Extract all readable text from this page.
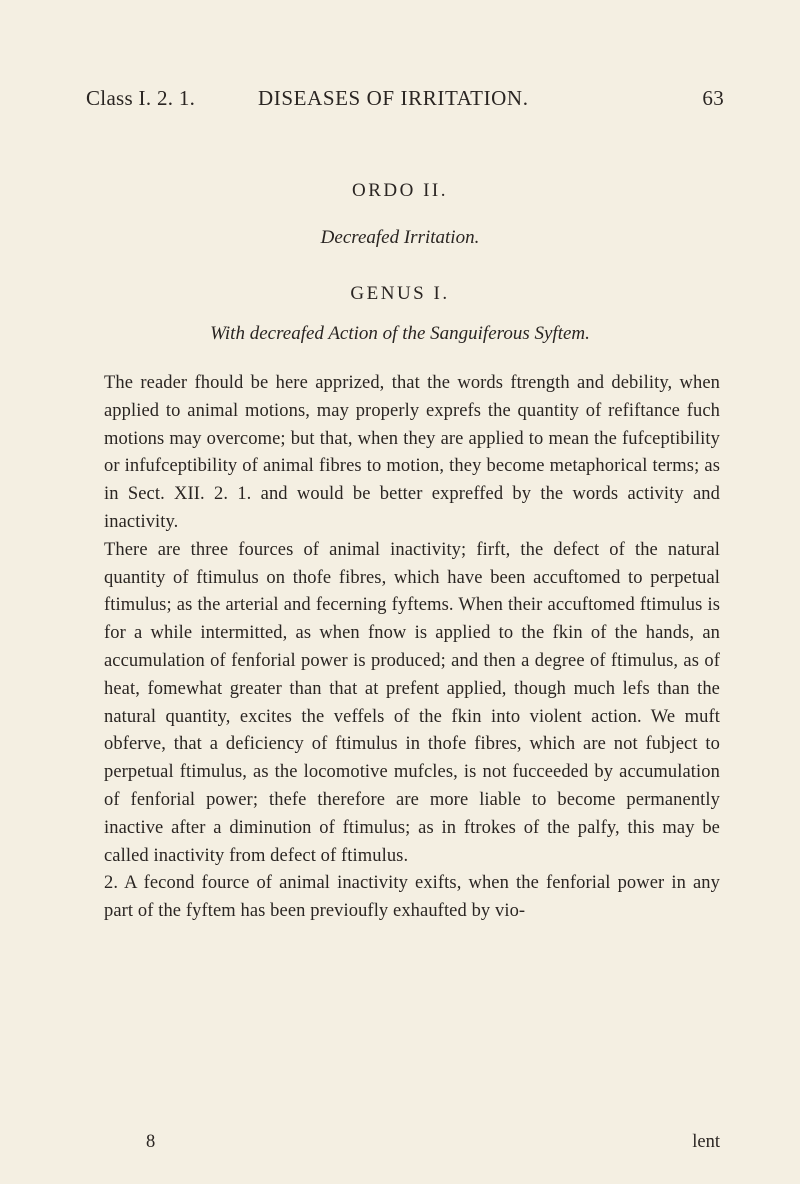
Class I. 2. 1.	DISEASES OF IRRITATION.	63
ORDO II.
Decreafed Irritation.
GENUS I.
With decreafed Action of the Sanguiferous Syftem.

The reader fhould be here apprized, that the words ftrength and debility, when applied to animal motions, may properly exprefs the quantity of refiftance fuch motions may overcome; but that, when they are applied to mean the fufceptibility or infufceptibility of animal fibres to motion, they become metaphorical terms; as in Sect. XII. 2. 1. and would be better expreffed by the words activity and inactivity.

There are three fources of animal inactivity; firft, the defect of the natural quantity of ftimulus on thofe fibres, which have been accuftomed to perpetual ftimulus; as the arterial and fecerning fyftems. When their accuftomed ftimulus is for a while intermitted, as when fnow is applied to the fkin of the hands, an accumulation of fenforial power is produced; and then a degree of ftimulus, as of heat, fomewhat greater than that at prefent applied, though much lefs than the natural quantity, excites the veffels of the fkin into violent action. We muft obferve, that a deficiency of ftimulus in thofe fibres, which are not fubject to perpetual ftimulus, as the locomotive mufcles, is not fucceeded by accumulation of fenforial power; thefe therefore are more liable to become permanently inactive after a diminution of ftimulus; as in ftrokes of the palfy, this may be called inactivity from defect of ftimulus.

2. A fecond fource of animal inactivity exifts, when the fenforial power in any part of the fyftem has been previoufly exhaufted by vio-

8	lent
